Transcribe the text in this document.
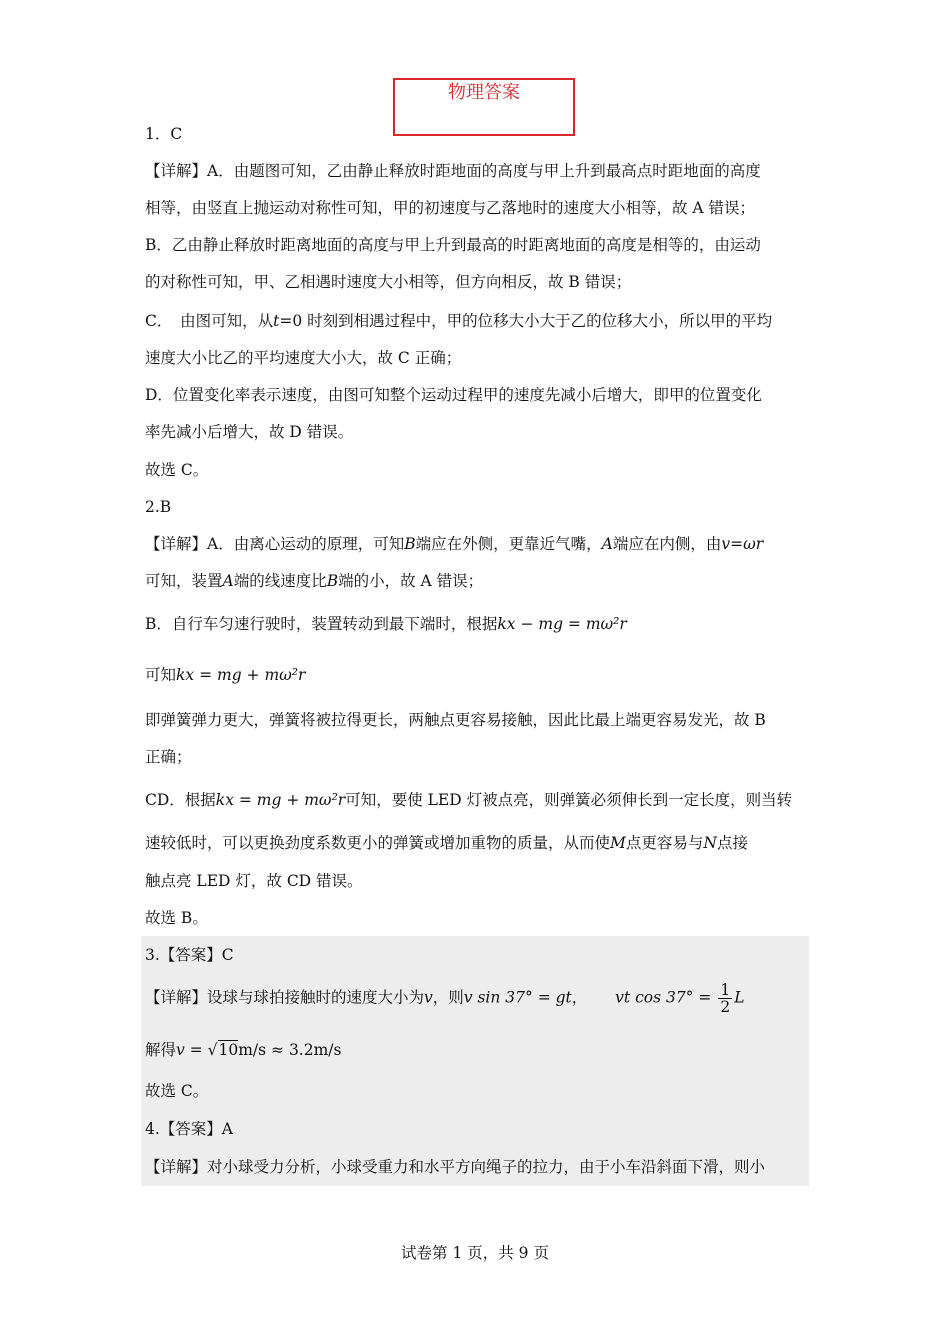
物理答案
1．C
【详解】A．由题图可知，乙由静止释放时距地面的高度与甲上升到最高点时距地面的高度
相等，由竖直上抛运动对称性可知，甲的初速度与乙落地时的速度大小相等，故 A 错误；
B．乙由静止释放时距离地面的高度与甲上升到最高的时距离地面的高度是相等的，由运动
的对称性可知，甲、乙相遇时速度大小相等，但方向相反，故 B 错误；
C．　由图可知，从t=0 时刻到相遇过程中，甲的位移大小大于乙的位移大小，所以甲的平均
速度大小比乙的平均速度大小大，故 C 正确；
D．位置变化率表示速度，由图可知整个运动过程甲的速度先减小后增大，即甲的位置变化
率先减小后增大，故 D 错误。
故选 C。
2.B
【详解】A．由离心运动的原理，可知B端应在外侧，更靠近气嘴，A端应在内侧，由v=ωr
可知，装置A端的线速度比B端的小，故 A 错误；
B．自行车匀速行驶时，装置转动到最下端时，根据kx − mg = mω²r
可知kx = mg + mω²r
即弹簧弹力更大，弹簧将被拉得更长，两触点更容易接触，因此比最上端更容易发光，故 B
正确；
CD．根据kx = mg + mω²r可知，要使 LED 灯被点亮，则弹簧必须伸长到一定长度，则当转
速较低时，可以更换劲度系数更小的弹簧或增加重物的质量，从而使M点更容易与N点接
触点亮 LED 灯，故 CD 错误。
故选 B。
3.【答案】C
【详解】设球与球拍接触时的速度大小为v，则v sin 37° = gt， vt $\cos 37^\circ = \frac{1}{2}$ L
解得v = √10m/s ≈ 3.2m/s
故选 C。
4.【答案】A
【详解】对小球受力分析，小球受重力和水平方向绳子的拉力，由于小车沿斜面下滑，则小
试卷第 1 页，共 9 页
